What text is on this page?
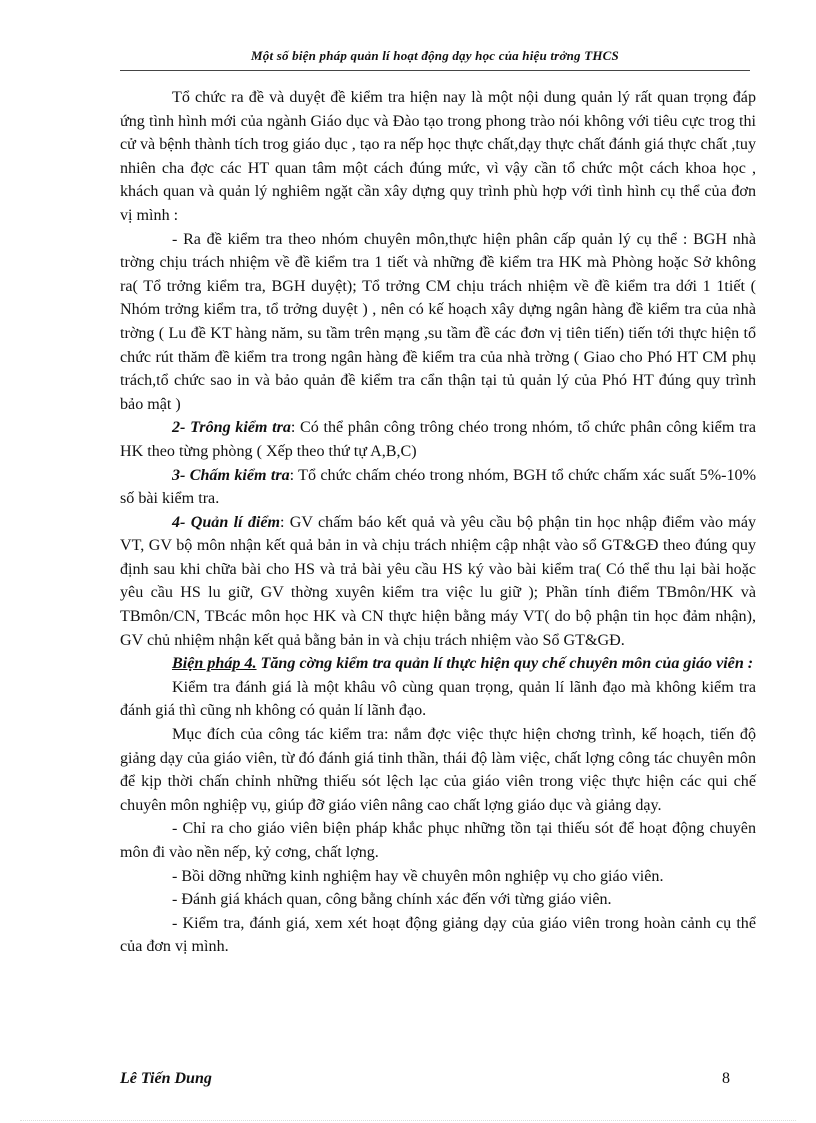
Một số biện pháp quản lí hoạt động dạy học của hiệu trởng THCS

Tổ chức ra đề và duyệt đề kiểm tra hiện nay là một nội dung quản lý rất quan trọng đáp ứng tình hình mới của ngành Giáo dục và Đào tạo trong phong trào nói không với tiêu cực trog thi cử và bệnh thành tích trog giáo dục , tạo ra nếp học thực chất,dạy thực chất đánh giá thực chất ,tuy nhiên cha đợc các HT quan tâm một cách đúng mức, vì vậy cần tổ chức một cách khoa học , khách quan và quản lý nghiêm ngặt cần xây dựng quy trình phù hợp với tình hình cụ thể của đơn vị mình :

- Ra đề kiểm tra theo nhóm chuyên môn,thực hiện phân cấp quản lý cụ thể : BGH nhà trờng chịu trách nhiệm về đề kiểm tra 1 tiết và những đề kiểm tra HK mà Phòng hoặc Sở không ra( Tổ trởng kiểm tra, BGH duyệt); Tổ trởng CM chịu trách nhiệm về đề kiểm tra dới 1 1tiết ( Nhóm trởng kiểm tra, tổ trởng duyệt ) , nên có kế hoạch xây dựng ngân hàng đề kiểm tra của nhà trờng ( Lu đề KT hàng năm, su tầm trên mạng ,su tầm đề các đơn vị tiên tiến) tiến tới thực hiện tổ chức rút thăm đề kiểm tra trong ngân hàng đề kiểm tra của nhà trờng ( Giao cho Phó HT CM phụ trách,tổ chức sao in và bảo quản đề kiểm tra cẩn thận tại tủ quản lý của Phó HT đúng quy trình bảo mật )

2- Trông kiểm tra: Có thể phân công trông chéo trong nhóm, tổ chức phân công kiểm tra HK theo từng phòng ( Xếp theo thứ tự A,B,C)

3- Chấm kiểm tra: Tổ chức chấm chéo trong nhóm, BGH tổ chức chấm xác suất 5%-10% số bài kiểm tra.

4- Quản lí điểm: GV chấm báo kết quả và yêu cầu bộ phận tin học nhập điểm vào máy VT, GV bộ môn nhận kết quả bản in và chịu trách nhiệm cập nhật vào sổ GT&GĐ theo đúng quy định sau khi chữa bài cho HS và trả bài yêu cầu HS ký vào bài kiểm tra( Có thể thu lại bài hoặc yêu cầu HS lu giữ, GV thờng xuyên kiểm tra việc lu giữ ); Phần tính điểm TBmôn/HK và TBmôn/CN, TBcác môn học HK và CN thực hiện bằng máy VT( do bộ phận tin học đảm nhận), GV chủ nhiệm nhận kết quả bằng bản in và chịu trách nhiệm vào Sổ GT&GĐ.

Biện pháp 4. Tăng cờng kiểm tra quản lí thực hiện quy chế chuyên môn của giáo viên :

Kiểm tra đánh giá là một khâu vô cùng quan trọng, quản lí lãnh đạo mà không kiểm tra đánh giá thì cũng nh không có quản lí lãnh đạo.

Mục đích của công tác kiểm tra: nắm đợc việc thực hiện chơng trình, kế hoạch, tiến độ giảng dạy của giáo viên, từ đó đánh giá tinh thần, thái độ làm việc, chất lợng công tác chuyên môn để kịp thời chấn chỉnh những thiếu sót lệch lạc của giáo viên trong việc thực hiện các qui chế chuyên môn nghiệp vụ, giúp đỡ giáo viên nâng cao chất lợng giáo dục và giảng dạy.

- Chỉ ra cho giáo viên biện pháp khắc phục những tồn tại thiếu sót để hoạt động chuyên môn đi vào nền nếp, kỷ cơng, chất lợng.

- Bồi dỡng những kinh nghiệm hay về chuyên môn nghiệp vụ cho giáo viên.

- Đánh giá khách quan, công bằng chính xác đến với từng giáo viên.

- Kiểm tra, đánh giá, xem xét hoạt động giảng dạy của giáo viên trong hoàn cảnh cụ thể của đơn vị mình.

Lê Tiến Dung	8
